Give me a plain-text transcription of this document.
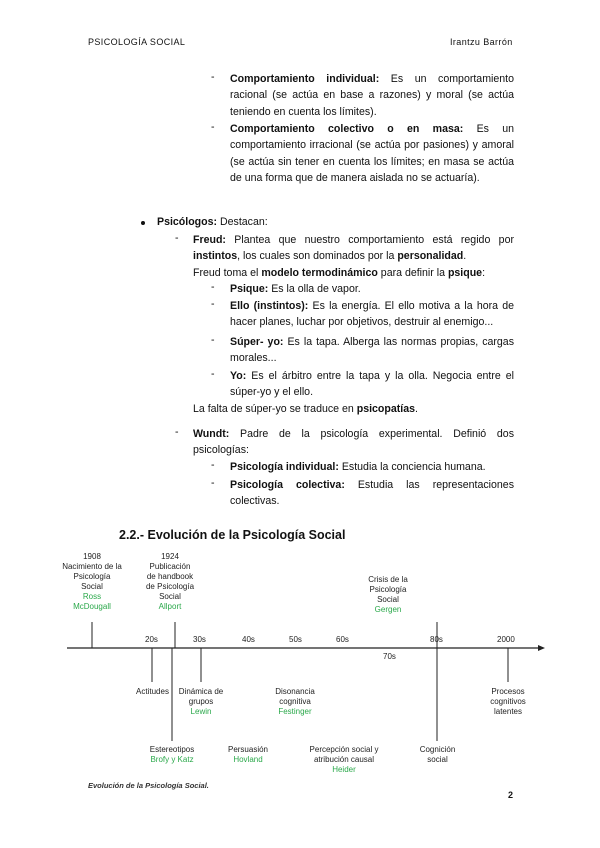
PSICOLOGÍA SOCIAL	Irantzu Barrón
- Comportamiento individual: Es un comportamiento racional (se actúa en base a razones) y moral (se actúa teniendo en cuenta los límites).
- Comportamiento colectivo o en masa: Es un comportamiento irracional (se actúa por pasiones) y amoral (se actúa sin tener en cuenta los límites; en masa se actúa de una forma que de manera aislada no se actuaría).
Psicólogos: Destacan:
- Freud: Plantea que nuestro comportamiento está regido por instintos, los cuales son dominados por la personalidad.
Freud toma el modelo termodinámico para definir la psique:
- Psique: Es la olla de vapor.
- Ello (instintos): Es la energía. El ello motiva a la hora de hacer planes, luchar por objetivos, destruir al enemigo...
- Súper- yo: Es la tapa. Alberga las normas propias, cargas morales...
- Yo: Es el árbitro entre la tapa y la olla. Negocia entre el súper-yo y el ello.
La falta de súper-yo se traduce en psicopatías.
- Wundt: Padre de la psicología experimental. Definió dos psicologías:
- Psicología individual: Estudia la conciencia humana.
- Psicología colectiva: Estudia las representaciones colectivas.
2.2.- Evolución de la Psicología Social
20s	30s	40s	50s	60s
70s
80s	2000
1908
Nacimiento de la
Psicología
Social
Ross
McDougall
1924
Publicación
de handbook
de Psicología
Social
Allport
Crisis de la
Psicología
Social
Gergen
Actitudes	Dinámica de
grupos
Lewin
Disonancia
cognitiva
Festinger
Procesos
cognitivos
latentes
Estereotipos
Brofy y Katz
Persuasión
Hovland
Percepción social y
atribución causal
Heider
Cognición
social
Evolución de la Psicología Social.
2
